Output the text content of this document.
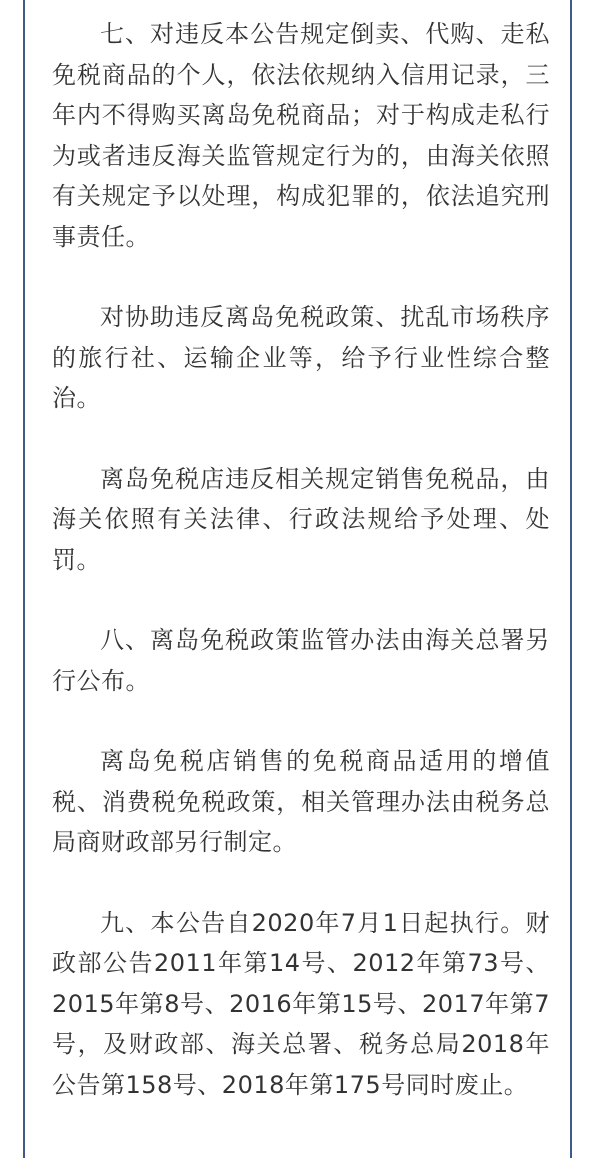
七、对违反本公告规定倒卖、代购、走私免税商品的个人，依法依规纳入信用记录，三年内不得购买离岛免税商品；对于构成走私行为或者违反海关监管规定行为的，由海关依照有关规定予以处理，构成犯罪的，依法追究刑事责任。

对协助违反离岛免税政策、扰乱市场秩序的旅行社、运输企业等，给予行业性综合整治。

离岛免税店违反相关规定销售免税品，由海关依照有关法律、行政法规给予处理、处罚。

八、离岛免税政策监管办法由海关总署另行公布。

离岛免税店销售的免税商品适用的增值税、消费税免税政策，相关管理办法由税务总局商财政部另行制定。

九、本公告自2020年7月1日起执行。财政部公告2011年第14号、2012年第73号、2015年第8号、2016年第15号、2017年第7号，及财政部、海关总署、税务总局2018年公告第158号、2018年第175号同时废止。
